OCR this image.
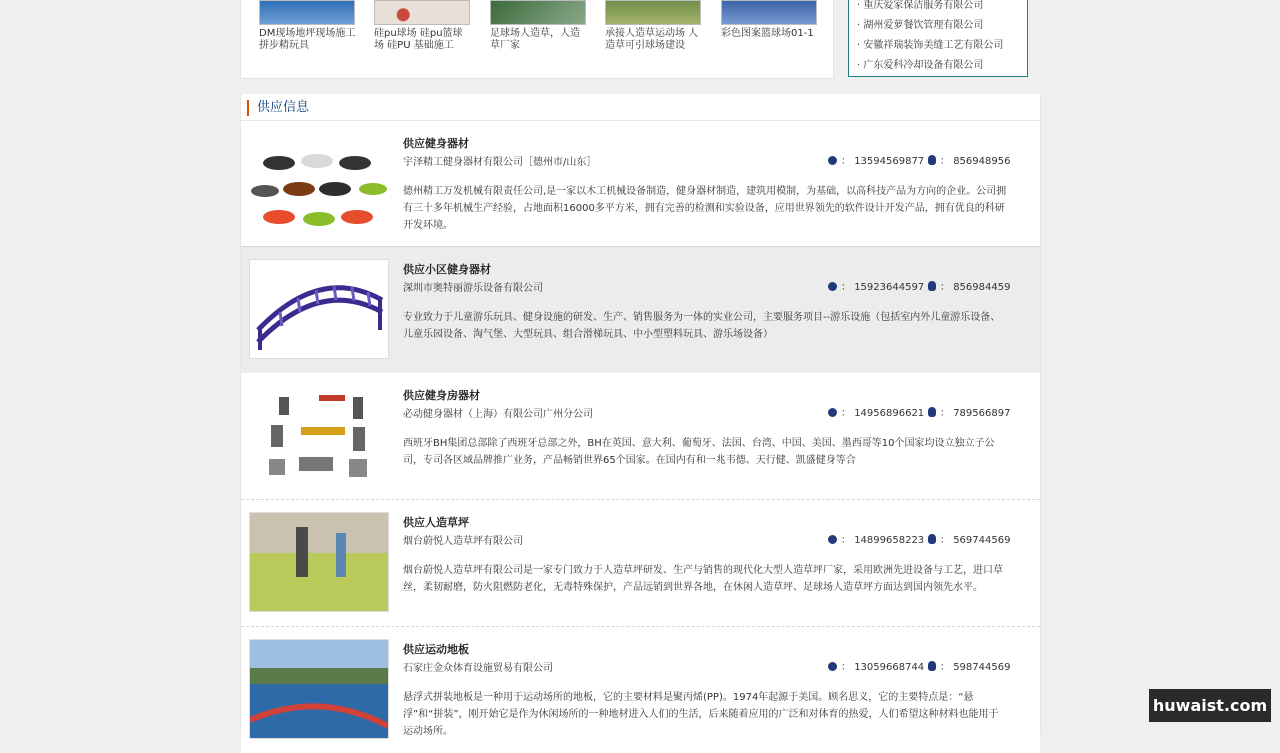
DM现场地坪现场施工拼步精玩具
硅pu球场 硅pu篮球场 硅PU 基础施工
足球场人造草，人造草厂家
承接人造草运动场 人造草可引球场建设
彩色图案篮球场01-1
· 重庆爱家保洁服务有限公司
· 湖州爱萝餐饮管理有限公司
· 安徽祥瑞装饰美缝工艺有限公司
· 广东爱科冷却设备有限公司
供应信息
供应健身器材
宇泽精工健身器材有限公司［德州市/山东］	： 13594569877	： 856948956
德州精工万发机械有限责任公司,是一家以木工机械设备制造，健身器材制造，建筑用模制，为基础，以高科技产品为方向的企业。公司拥有三十多年机械生产经验，占地面积16000多平方米，拥有完善的检测和实验设备，应用世界领先的软件设计开发产品，拥有优良的科研开发环境。
供应小区健身器材
深圳市奥特丽游乐设备有限公司	： 15923644597	： 856984459
专业致力于儿童游乐玩具、健身设施的研发、生产、销售服务为一体的实业公司，主要服务项目--游乐设施（包括室内外儿童游乐设备、儿童乐园设备、淘气堡、大型玩具、组合滑梯玩具、中小型塑料玩具、游乐场设备）
供应健身房器材
必动健身器材（上海）有限公司广州分公司	： 14956896621	： 789566897
西班牙BH集团总部除了西班牙总部之外，BH在英国、意大利、葡萄牙、法国、台湾、中国、美国、墨西哥等10个国家均设立独立子公司，专司各区域品牌推广业务，产品畅销世界65个国家。在国内有和一兆韦德、天行健、凯盛健身等合
供应人造草坪
烟台蔚悦人造草坪有限公司	： 14899658223	： 569744569
烟台蔚悦人造草坪有限公司是一家专门致力于人造草坪研发、生产与销售的现代化大型人造草坪厂家，采用欧洲先进设备与工艺，进口草丝，柔韧耐磨，防火阻燃防老化，无毒特殊保护，产品远销到世界各地，在休闲人造草坪、足球场人造草坪方面达到国内领先水平。
供应运动地板
石家庄金众体育设施贸易有限公司	： 13059668744	： 598744569
悬浮式拼装地板是一种用于运动场所的地板，它的主要材料是聚丙烯(PP)。1974年起源于美国。顾名思义，它的主要特点是：“悬浮”和“拼装”，刚开始它是作为休闲场所的一种地材进入人们的生活，后来随着应用的广泛和对体育的热爱，人们希望这种材料也能用于运动场所。
huwaist.com
